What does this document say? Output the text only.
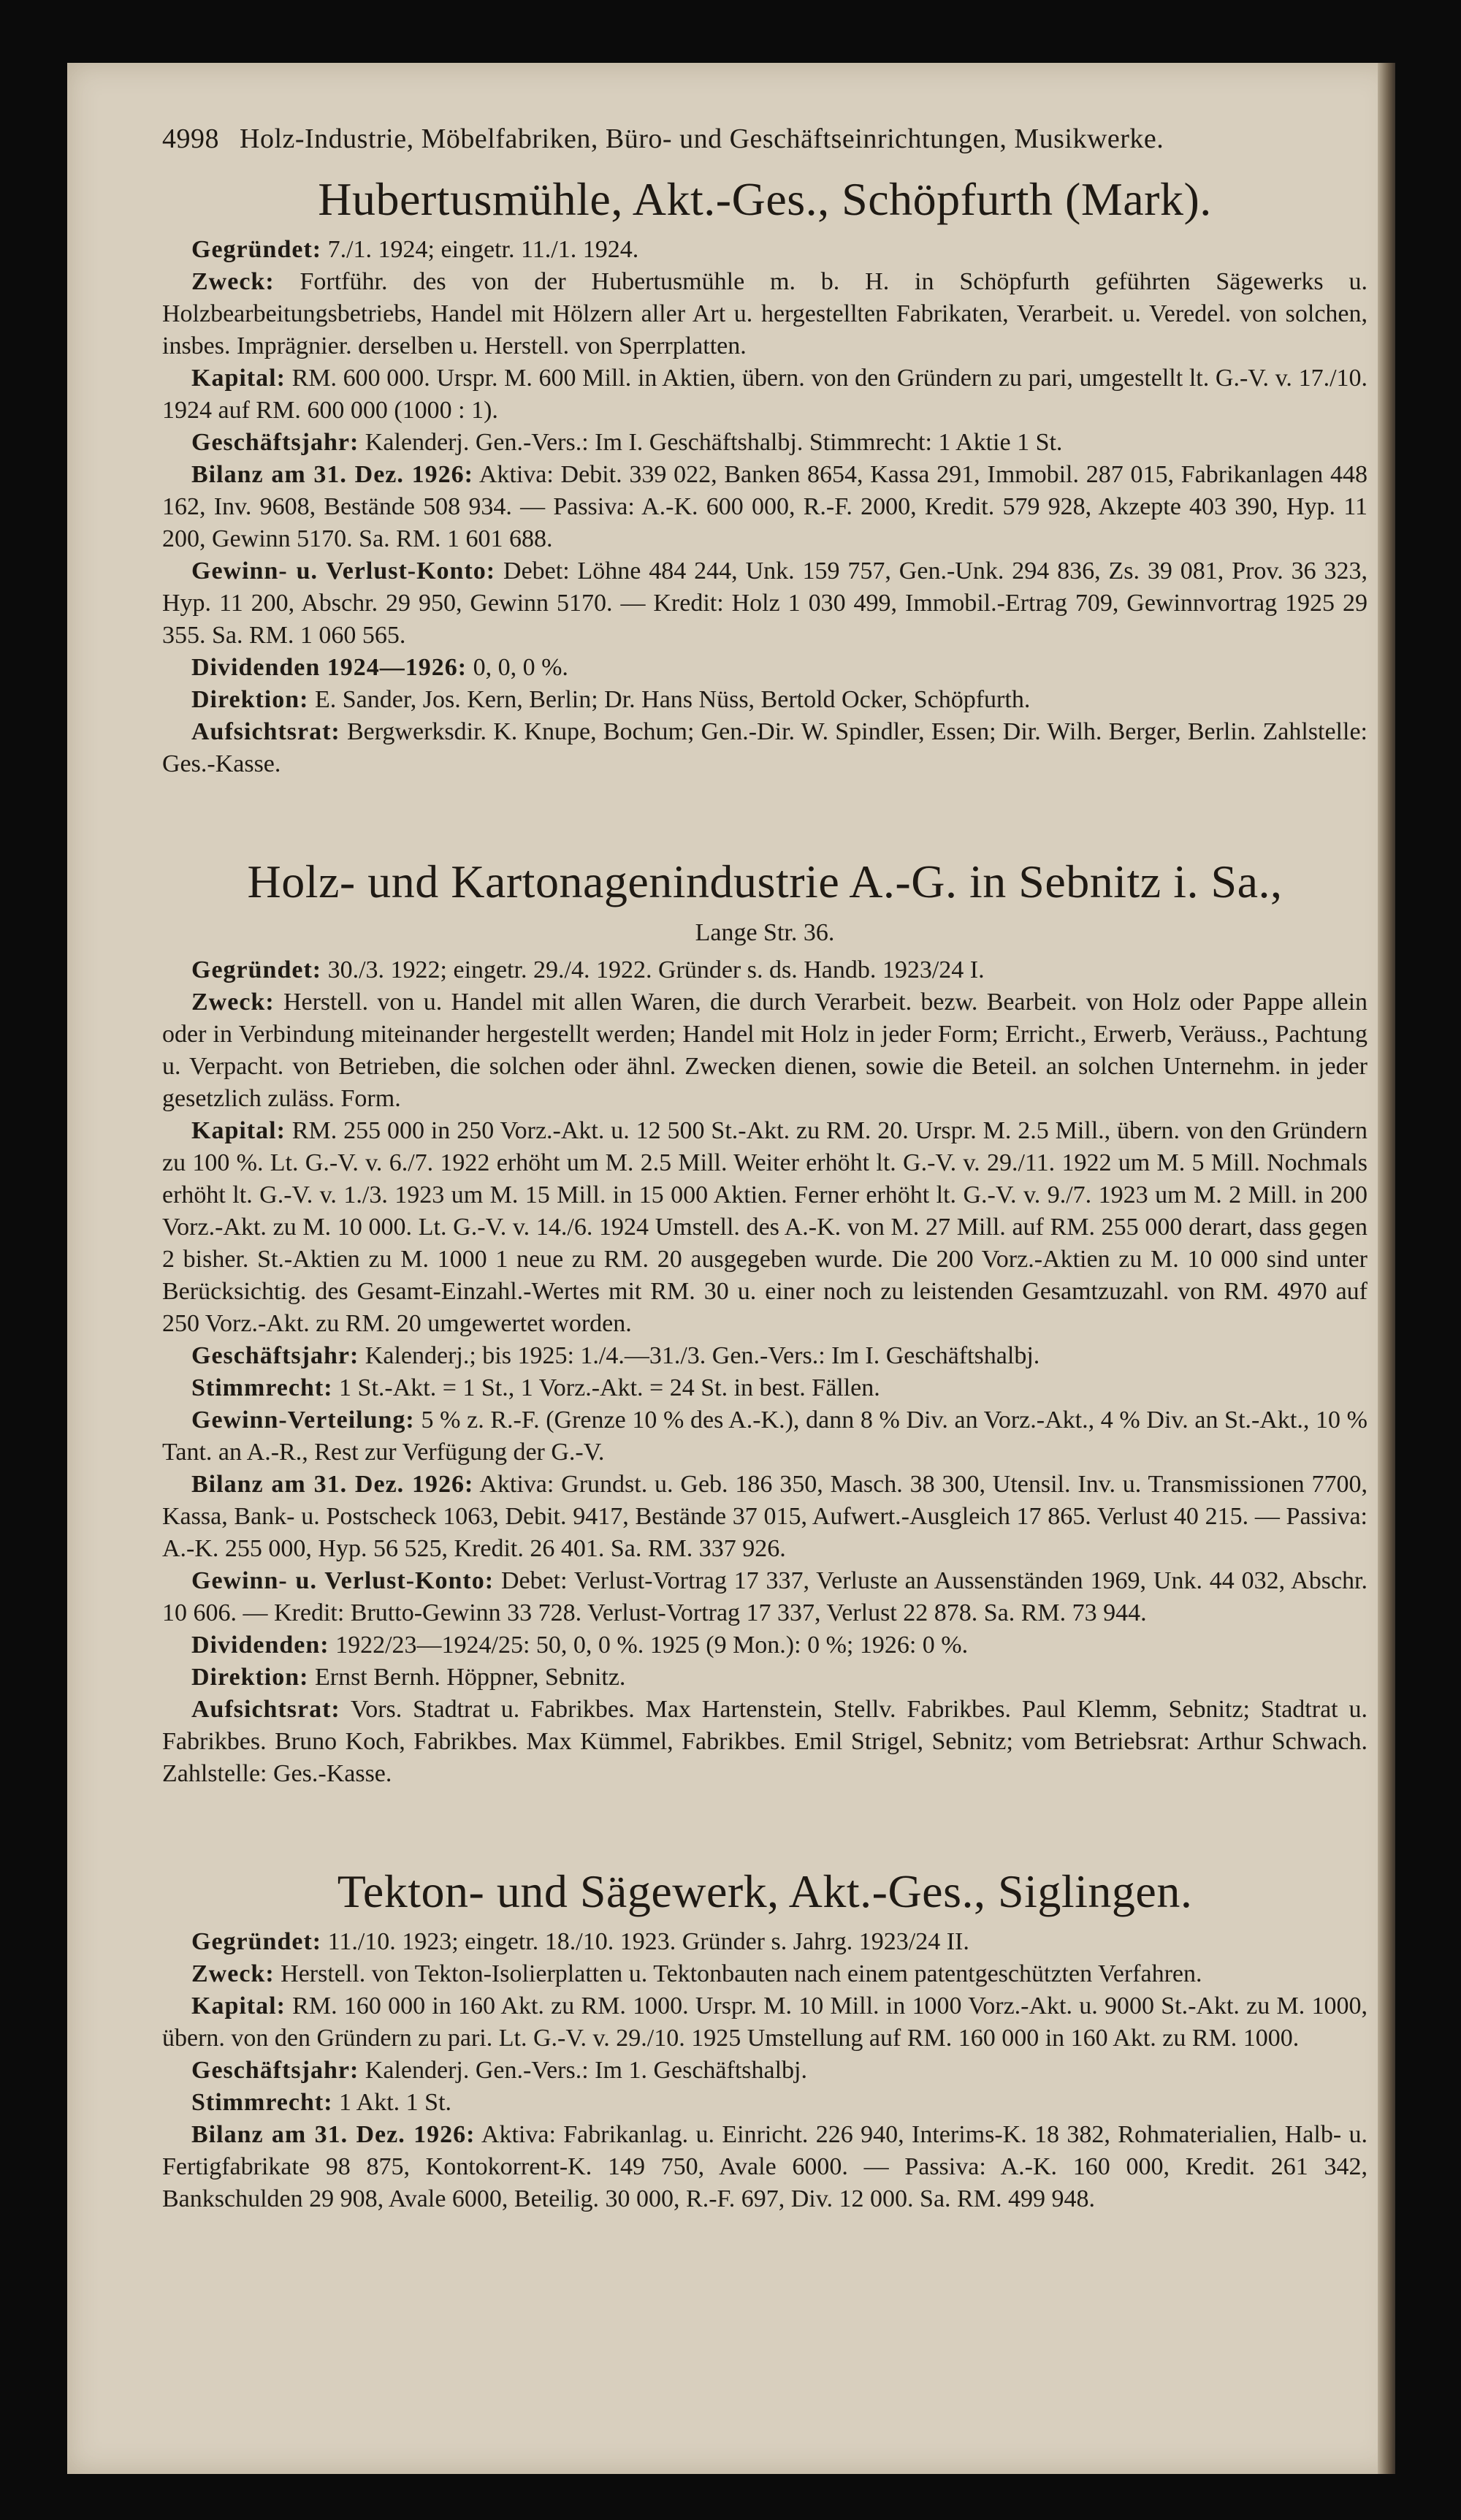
4998 Holz-Industrie, Möbelfabriken, Büro- und Geschäftseinrichtungen, Musikwerke.
Hubertusmühle, Akt.-Ges., Schöpfurth (Mark).

Gegründet: 7./1. 1924; eingetr. 11./1. 1924.

Zweck: Fortführ. des von der Hubertusmühle m. b. H. in Schöpfurth geführten Sägewerks u. Holzbearbeitungsbetriebs, Handel mit Hölzern aller Art u. hergestellten Fabrikaten, Verarbeit. u. Veredel. von solchen, insbes. Imprägnier. derselben u. Herstell. von Sperrplatten.

Kapital: RM. 600 000. Urspr. M. 600 Mill. in Aktien, übern. von den Gründern zu pari, umgestellt lt. G.-V. v. 17./10. 1924 auf RM. 600 000 (1000 : 1).

Geschäftsjahr: Kalenderj. Gen.-Vers.: Im I. Geschäftshalbj. Stimmrecht: 1 Aktie 1 St.

Bilanz am 31. Dez. 1926: Aktiva: Debit. 339 022, Banken 8654, Kassa 291, Immobil. 287 015, Fabrikanlagen 448 162, Inv. 9608, Bestände 508 934. — Passiva: A.-K. 600 000, R.-F. 2000, Kredit. 579 928, Akzepte 403 390, Hyp. 11 200, Gewinn 5170. Sa. RM. 1 601 688.

Gewinn- u. Verlust-Konto: Debet: Löhne 484 244, Unk. 159 757, Gen.-Unk. 294 836, Zs. 39 081, Prov. 36 323, Hyp. 11 200, Abschr. 29 950, Gewinn 5170. — Kredit: Holz 1 030 499, Immobil.-Ertrag 709, Gewinnvortrag 1925 29 355. Sa. RM. 1 060 565.

Dividenden 1924—1926: 0, 0, 0 %.

Direktion: E. Sander, Jos. Kern, Berlin; Dr. Hans Nüss, Bertold Ocker, Schöpfurth.

Aufsichtsrat: Bergwerksdir. K. Knupe, Bochum; Gen.-Dir. W. Spindler, Essen; Dir. Wilh. Berger, Berlin. Zahlstelle: Ges.-Kasse.

Holz- und Kartonagenindustrie A.-G. in Sebnitz i. Sa.,
Lange Str. 36.

Gegründet: 30./3. 1922; eingetr. 29./4. 1922. Gründer s. ds. Handb. 1923/24 I.

Zweck: Herstell. von u. Handel mit allen Waren, die durch Verarbeit. bezw. Bearbeit. von Holz oder Pappe allein oder in Verbindung miteinander hergestellt werden; Handel mit Holz in jeder Form; Erricht., Erwerb, Veräuss., Pachtung u. Verpacht. von Betrieben, die solchen oder ähnl. Zwecken dienen, sowie die Beteil. an solchen Unternehm. in jeder gesetzlich zuläss. Form.

Kapital: RM. 255 000 in 250 Vorz.-Akt. u. 12 500 St.-Akt. zu RM. 20. Urspr. M. 2.5 Mill., übern. von den Gründern zu 100 %. Lt. G.-V. v. 6./7. 1922 erhöht um M. 2.5 Mill. Weiter erhöht lt. G.-V. v. 29./11. 1922 um M. 5 Mill. Nochmals erhöht lt. G.-V. v. 1./3. 1923 um M. 15 Mill. in 15 000 Aktien. Ferner erhöht lt. G.-V. v. 9./7. 1923 um M. 2 Mill. in 200 Vorz.-Akt. zu M. 10 000. Lt. G.-V. v. 14./6. 1924 Umstell. des A.-K. von M. 27 Mill. auf RM. 255 000 derart, dass gegen 2 bisher. St.-Aktien zu M. 1000 1 neue zu RM. 20 ausgegeben wurde. Die 200 Vorz.-Aktien zu M. 10 000 sind unter Berücksichtig. des Gesamt-Einzahl.-Wertes mit RM. 30 u. einer noch zu leistenden Gesamtzuzahl. von RM. 4970 auf 250 Vorz.-Akt. zu RM. 20 umgewertet worden.

Geschäftsjahr: Kalenderj.; bis 1925: 1./4.—31./3. Gen.-Vers.: Im I. Geschäftshalbj.

Stimmrecht: 1 St.-Akt. = 1 St., 1 Vorz.-Akt. = 24 St. in best. Fällen.

Gewinn-Verteilung: 5 % z. R.-F. (Grenze 10 % des A.-K.), dann 8 % Div. an Vorz.-Akt., 4 % Div. an St.-Akt., 10 % Tant. an A.-R., Rest zur Verfügung der G.-V.

Bilanz am 31. Dez. 1926: Aktiva: Grundst. u. Geb. 186 350, Masch. 38 300, Utensil. Inv. u. Transmissionen 7700, Kassa, Bank- u. Postscheck 1063, Debit. 9417, Bestände 37 015, Aufwert.-Ausgleich 17 865. Verlust 40 215. — Passiva: A.-K. 255 000, Hyp. 56 525, Kredit. 26 401. Sa. RM. 337 926.

Gewinn- u. Verlust-Konto: Debet: Verlust-Vortrag 17 337, Verluste an Aussenständen 1969, Unk. 44 032, Abschr. 10 606. — Kredit: Brutto-Gewinn 33 728. Verlust-Vortrag 17 337, Verlust 22 878. Sa. RM. 73 944.

Dividenden: 1922/23—1924/25: 50, 0, 0 %. 1925 (9 Mon.): 0 %; 1926: 0 %.

Direktion: Ernst Bernh. Höppner, Sebnitz.

Aufsichtsrat: Vors. Stadtrat u. Fabrikbes. Max Hartenstein, Stellv. Fabrikbes. Paul Klemm, Sebnitz; Stadtrat u. Fabrikbes. Bruno Koch, Fabrikbes. Max Kümmel, Fabrikbes. Emil Strigel, Sebnitz; vom Betriebsrat: Arthur Schwach. Zahlstelle: Ges.-Kasse.

Tekton- und Sägewerk, Akt.-Ges., Siglingen.

Gegründet: 11./10. 1923; eingetr. 18./10. 1923. Gründer s. Jahrg. 1923/24 II.

Zweck: Herstell. von Tekton-Isolierplatten u. Tektonbauten nach einem patentgeschützten Verfahren.

Kapital: RM. 160 000 in 160 Akt. zu RM. 1000. Urspr. M. 10 Mill. in 1000 Vorz.-Akt. u. 9000 St.-Akt. zu M. 1000, übern. von den Gründern zu pari. Lt. G.-V. v. 29./10. 1925 Umstellung auf RM. 160 000 in 160 Akt. zu RM. 1000.

Geschäftsjahr: Kalenderj. Gen.-Vers.: Im 1. Geschäftshalbj.

Stimmrecht: 1 Akt. 1 St.

Bilanz am 31. Dez. 1926: Aktiva: Fabrikanlag. u. Einricht. 226 940, Interims-K. 18 382, Rohmaterialien, Halb- u. Fertigfabrikate 98 875, Kontokorrent-K. 149 750, Avale 6000. — Passiva: A.-K. 160 000, Kredit. 261 342, Bankschulden 29 908, Avale 6000, Beteilig. 30 000, R.-F. 697, Div. 12 000. Sa. RM. 499 948.
